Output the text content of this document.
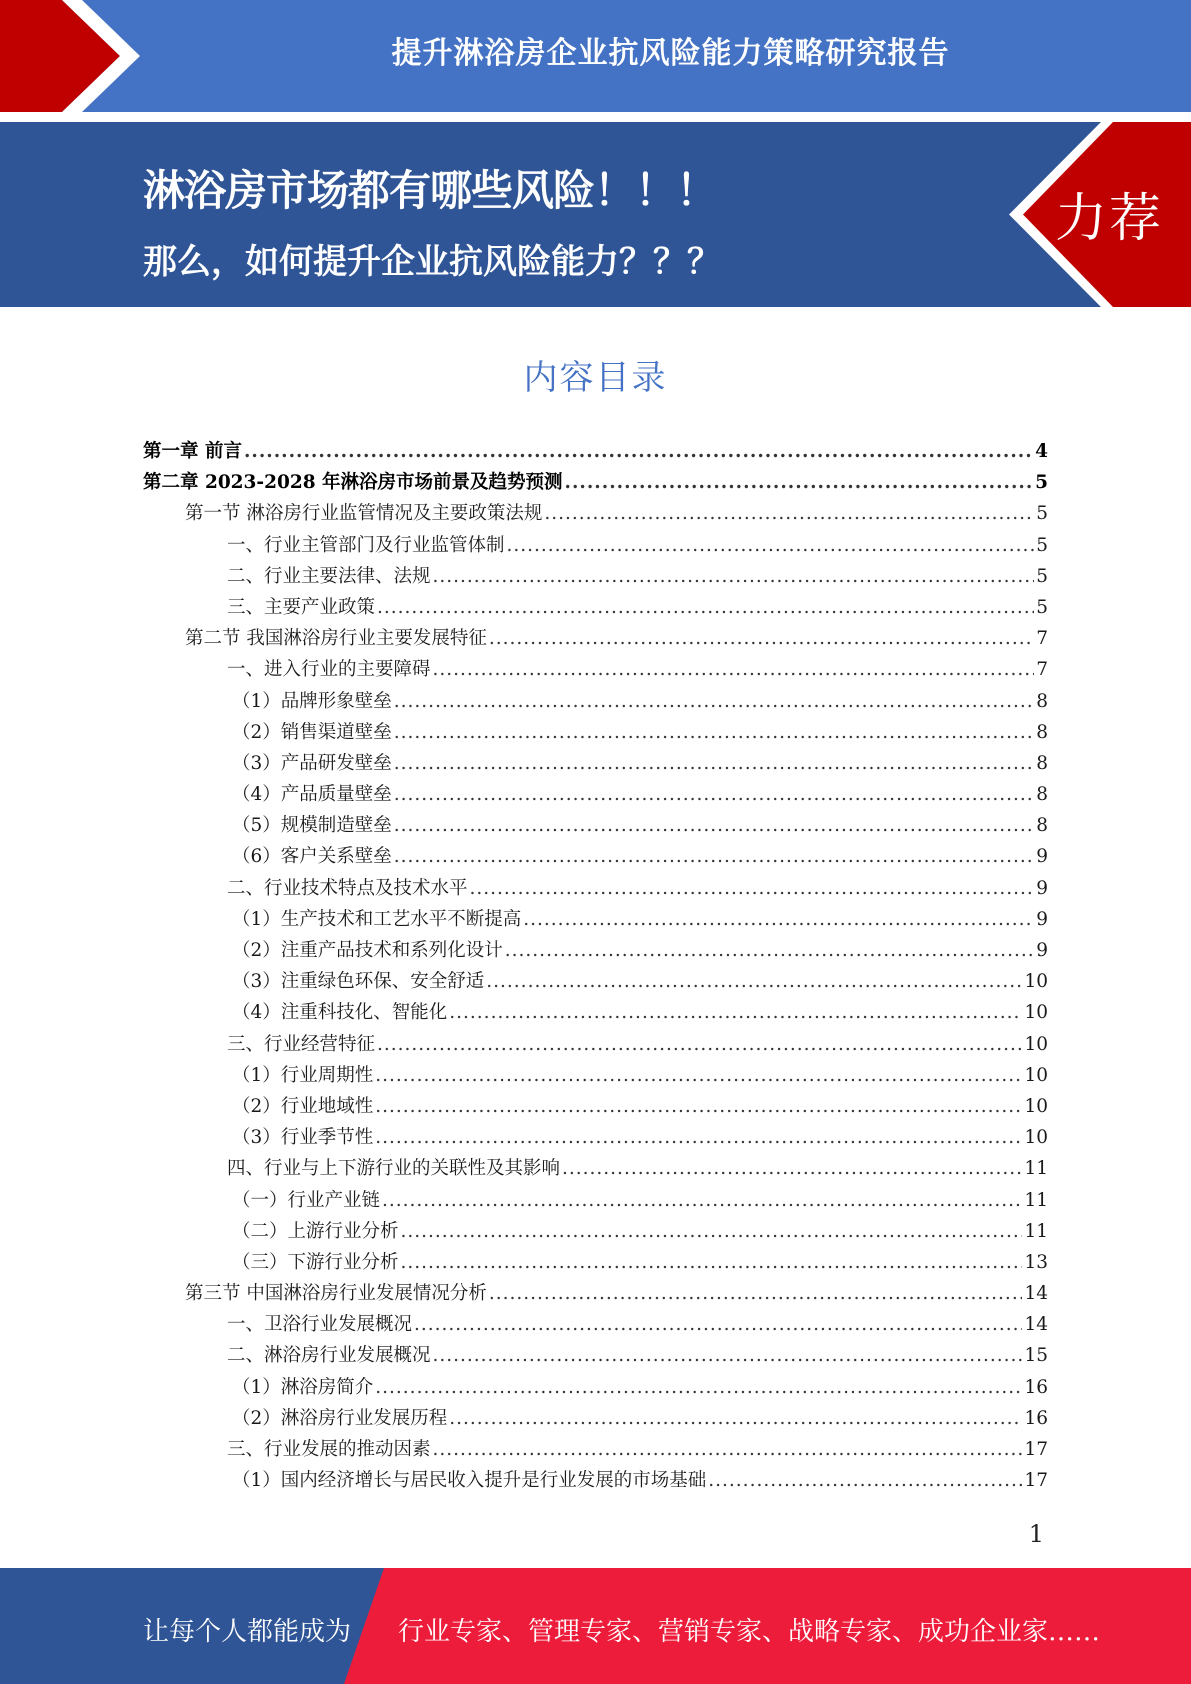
提升淋浴房企业抗风险能力策略研究报告
淋浴房市场都有哪些风险！！！
那么，如何提升企业抗风险能力？？？
力荐
内容目录
第一章 前言 .....	4
第二章 2023-2028 年淋浴房市场前景及趋势预测 .....	5
第一节 淋浴房行业监管情况及主要政策法规 .....	5
一、行业主管部门及行业监管体制 .....	5
二、行业主要法律、法规 .....	5
三、主要产业政策 .....	5
第二节 我国淋浴房行业主要发展特征 .....	7
一、进入行业的主要障碍 .....	7
（1）品牌形象壁垒 .....	8
（2）销售渠道壁垒 .....	8
（3）产品研发壁垒 .....	8
（4）产品质量壁垒 .....	8
（5）规模制造壁垒 .....	8
（6）客户关系壁垒 .....	9
二、行业技术特点及技术水平 .....	9
（1）生产技术和工艺水平不断提高 .....	9
（2）注重产品技术和系列化设计 .....	9
（3）注重绿色环保、安全舒适 .....	10
（4）注重科技化、智能化 .....	10
三、行业经营特征 .....	10
（1）行业周期性 .....	10
（2）行业地域性 .....	10
（3）行业季节性 .....	10
四、行业与上下游行业的关联性及其影响 .....	11
（一）行业产业链 .....	11
（二）上游行业分析 .....	11
（三）下游行业分析 .....	13
第三节 中国淋浴房行业发展情况分析 .....	14
一、卫浴行业发展概况 .....	14
二、淋浴房行业发展概况 .....	15
（1）淋浴房简介 .....	16
（2）淋浴房行业发展历程 .....	16
三、行业发展的推动因素 .....	17
（1）国内经济增长与居民收入提升是行业发展的市场基础 .....	17
1
让每个人都能成为 行业专家、管理专家、营销专家、战略专家、成功企业家……
